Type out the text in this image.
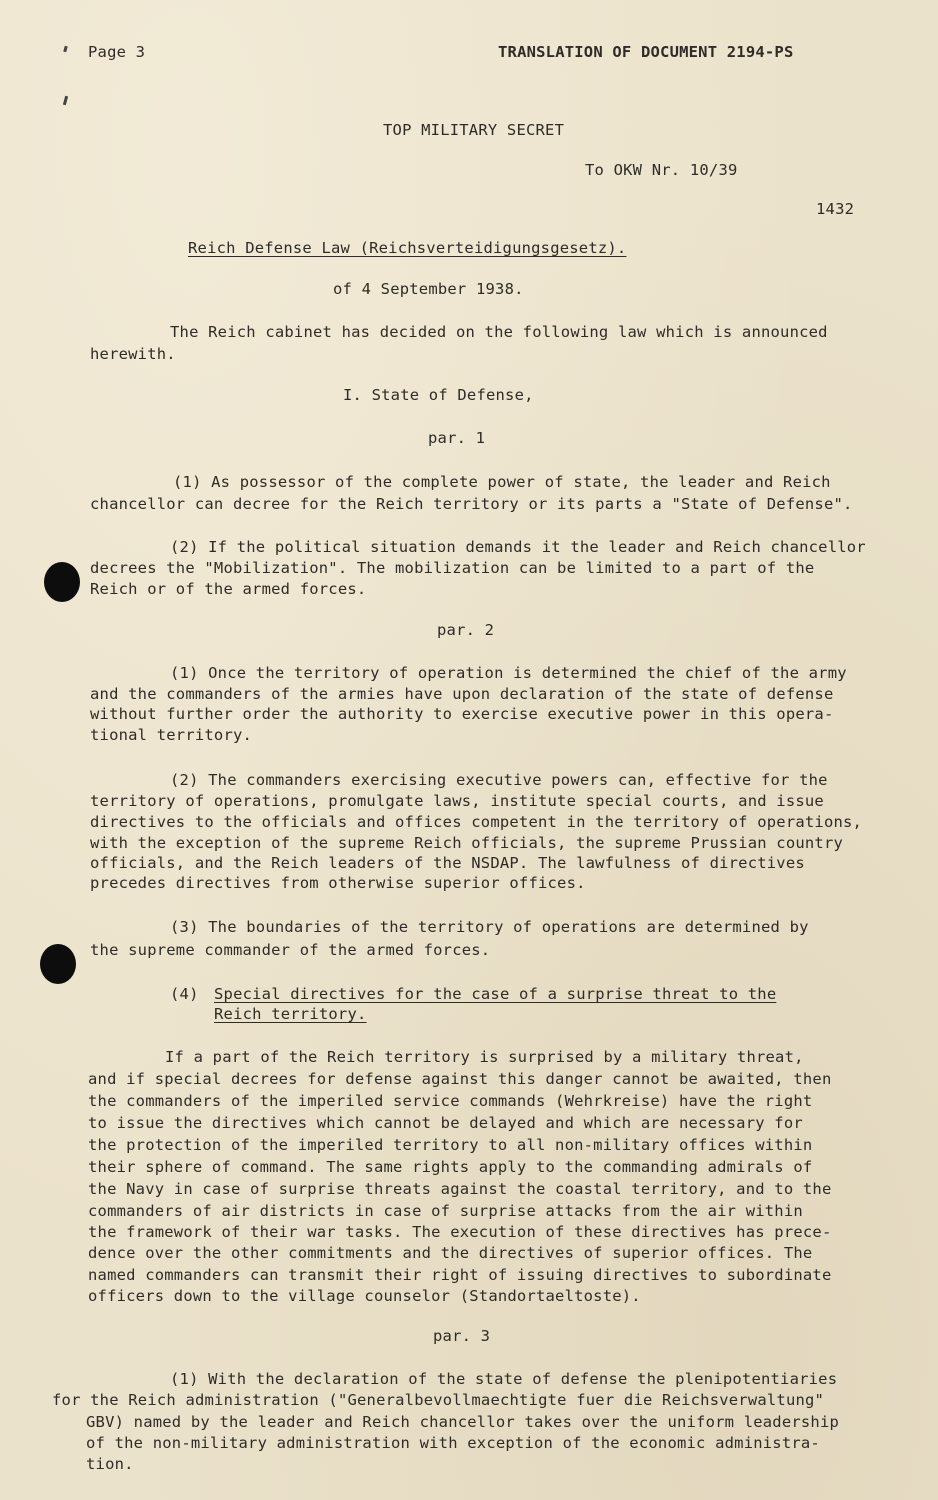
Page 3	TRANSLATION OF DOCUMENT 2194-PS
TOP MILITARY SECRET
To OKW Nr. 10/39
1432
Reich Defense Law (Reichsverteidigungsgesetz).
of 4 September 1938.
The Reich cabinet has decided on the following law which is announced
herewith.
I. State of Defense,
par. 1
(1) As possessor of the complete power of state, the leader and Reich
chancellor can decree for the Reich territory or its parts a "State of Defense".
(2) If the political situation demands it the leader and Reich chancellor
decrees the "Mobilization". The mobilization can be limited to a part of the
Reich or of the armed forces.
par. 2
(1) Once the territory of operation is determined the chief of the army
and the commanders of the armies have upon declaration of the state of defense
without further order the authority to exercise executive power in this opera-
tional territory.
(2) The commanders exercising executive powers can, effective for the
territory of operations, promulgate laws, institute special courts, and issue
directives to the officials and offices competent in the territory of operations,
with the exception of the supreme Reich officials, the supreme Prussian country
officials, and the Reich leaders of the NSDAP. The lawfulness of directives
precedes directives from otherwise superior offices.
(3) The boundaries of the territory of operations are determined by
the supreme commander of the armed forces.
(4) Special directives for the case of a surprise threat to the
Reich territory.
If a part of the Reich territory is surprised by a military threat,
and if special decrees for defense against this danger cannot be awaited, then
the commanders of the imperiled service commands (Wehrkreise) have the right
to issue the directives which cannot be delayed and which are necessary for
the protection of the imperiled territory to all non-military offices within
their sphere of command. The same rights apply to the commanding admirals of
the Navy in case of surprise threats against the coastal territory, and to the
commanders of air districts in case of surprise attacks from the air within
the framework of their war tasks. The execution of these directives has prece-
dence over the other commitments and the directives of superior offices. The
named commanders can transmit their right of issuing directives to subordinate
officers down to the village counselor (Standortaeltoste).
par. 3
(1) With the declaration of the state of defense the plenipotentiaries
for the Reich administration ("Generalbevollmaechtigte fuer die Reichsverwaltung"
GBV) named by the leader and Reich chancellor takes over the uniform leadership
of the non-military administration with exception of the economic administra-
tion.
